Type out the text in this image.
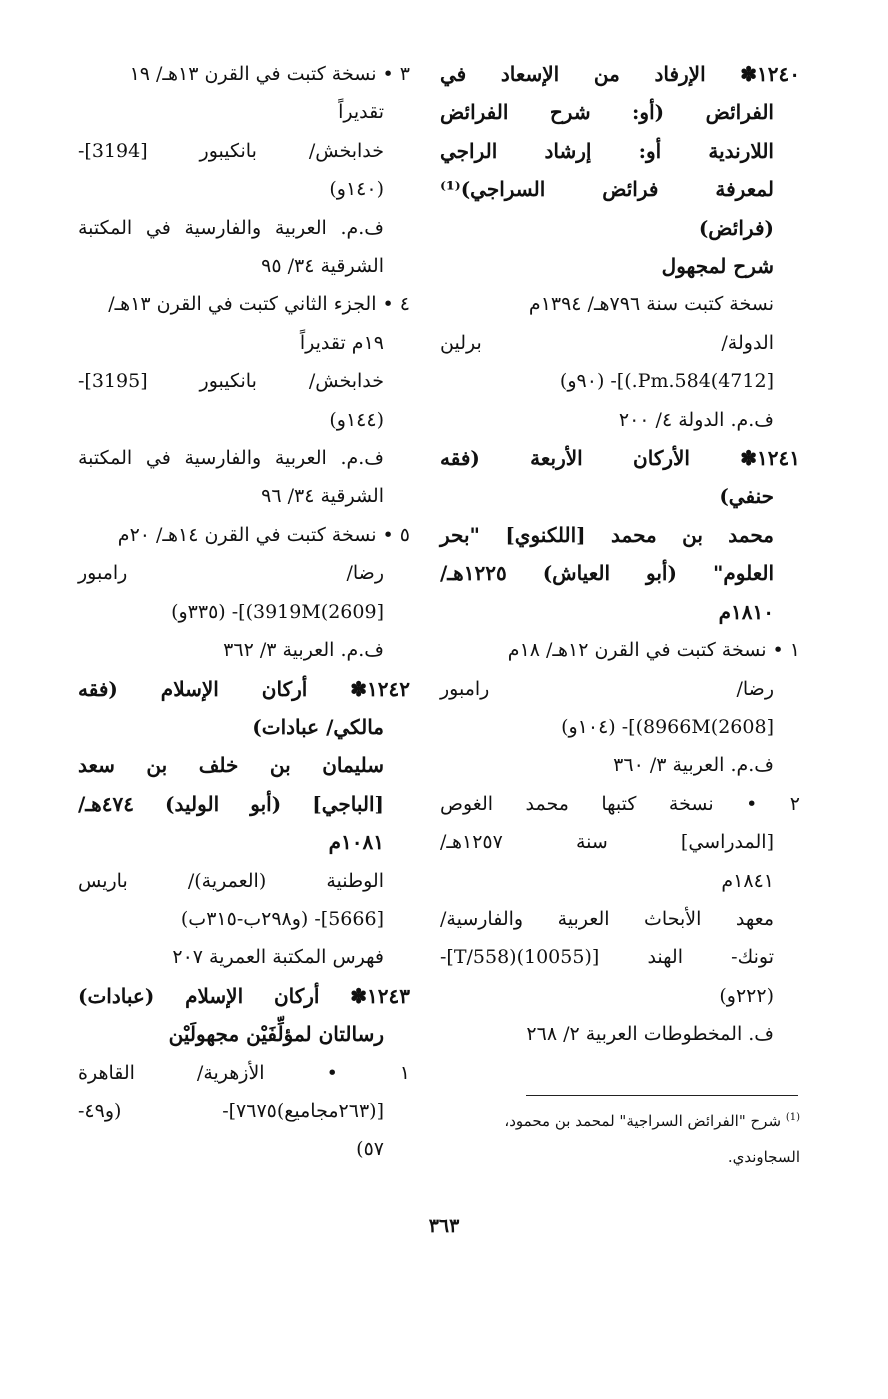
١٢٤٠✽ الإرفاد من الإسعاد في
الفرائض (أو: شرح الفرائض
اللارندية أو: إرشاد الراجي
لمعرفة فرائض السراجي)⁽¹⁾
(فرائض)
شرح لمجهول
نسخة كتبت سنة ٧٩٦هـ/ ١٣٩٤م
الدولة/ برلين
[4712)Pm.584.)]- (٩٠و)
ف.م. الدولة ٤/ ٢٠٠
١٢٤١✽ الأركان الأربعة (فقه
حنفي)
محمد بن محمد [اللكنوي] "بحر
العلوم" (أبو العياش) ١٢٢٥هـ/
١٨١٠م
١ • نسخة كتبت في القرن ١٢هـ/ ١٨م
رضا/ رامبور
[2608)8966M)]- (١٠٤و)
ف.م. العربية ٣/ ٣٦٠
٢ • نسخة كتبها محمد الغوص
[المدراسي] سنة ١٢٥٧هـ/
١٨٤١م
معهد الأبحاث العربية والفارسية/
تونك- الهند [T/558)(10055)]-
(٢٢٢و)
ف. المخطوطات العربية ٢/ ٢٦٨
٣ • نسخة كتبت في القرن ١٣هـ/ ١٩
تقديراً
خدابخش/ بانكيبور [3194]-
(١٤٠و)
ف.م. العربية والفارسية في المكتبة
الشرقية ٣٤/ ٩٥
٤ • الجزء الثاني كتبت في القرن ١٣هـ/
١٩م تقديراً
خدابخش/ بانكيبور [3195]-
(١٤٤و)
ف.م. العربية والفارسية في المكتبة
الشرقية ٣٤/ ٩٦
٥ • نسخة كتبت في القرن ١٤هـ/ ٢٠م
رضا/ رامبور
[2609)3919M)]- (٣٣٥و)
ف.م. العربية ٣/ ٣٦٢
١٢٤٢✽ أركان الإسلام (فقه
مالكي/ عبادات)
سليمان بن خلف بن سعد
[الباجي] (أبو الوليد) ٤٧٤هـ/
١٠٨١م
الوطنية (العمرية)/ باريس
[5666]- (و٢٩٨ب-٣١٥ب)
فهرس المكتبة العمرية ٢٠٧
١٢٤٣✽ أركان الإسلام (عبادات)
رسالتان لمؤلِّفَيْن مجهولَيْن
١ • الأزهرية/ القاهرة
[(٢٦٣مجاميع)٧٦٧٥]- (و٤٩-
٥٧)
$^{(1)}$ شرح "الفرائض السراجية" لمحمد بن محمود،
السجاوندي.
٣٦٣
